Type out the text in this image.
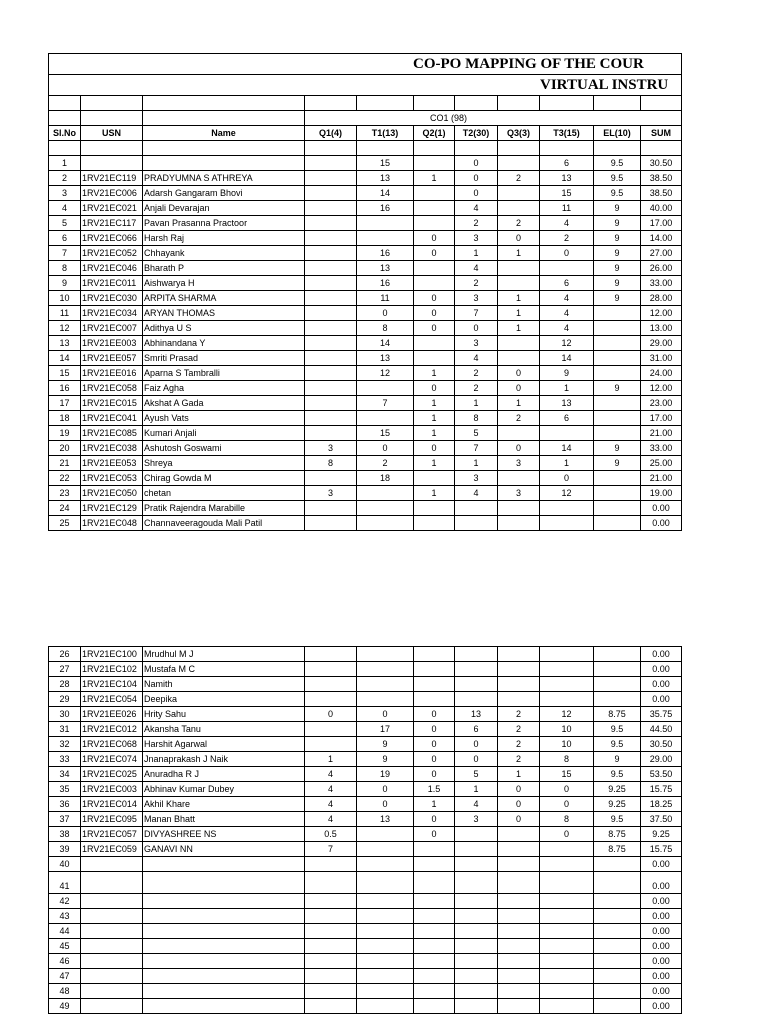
CO-PO MAPPING OF THE COUR										
VIRTUAL INSTRU										

			CO1 (98)							
Sl.No	USN	Name	Q1(4)	T1(13)	Q2(1)	T2(30)	Q3(3)	T3(15)	EL(10)	SUM

1				15		0		6	9.5	30.50
2	1RV21EC119	PRADYUMNA S ATHREYA		13	1	0	2	13	9.5	38.50
3	1RV21EC006	Adarsh Gangaram Bhovi		14		0		15	9.5	38.50
4	1RV21EC021	Anjali Devarajan		16		4		11	9	40.00
5	1RV21EC117	Pavan Prasanna Practoor				2	2	4	9	17.00
6	1RV21EC066	Harsh Raj			0	3	0	2	9	14.00
7	1RV21EC052	Chhayank		16	0	1	1	0	9	27.00
8	1RV21EC046	Bharath P		13		4			9	26.00
9	1RV21EC011	Aishwarya H		16		2		6	9	33.00
10	1RV21EC030	ARPITA SHARMA		11	0	3	1	4	9	28.00
11	1RV21EC034	ARYAN THOMAS		0	0	7	1	4		12.00
12	1RV21EC007	Adithya U S		8	0	0	1	4		13.00
13	1RV21EE003	Abhinandana Y		14		3		12		29.00
14	1RV21EE057	Smriti Prasad		13		4		14		31.00
15	1RV21EE016	Aparna S Tambralli		12	1	2	0	9		24.00
16	1RV21EC058	Faiz Agha			0	2	0	1	9	12.00
17	1RV21EC015	Akshat A Gada		7	1	1	1	13		23.00
18	1RV21EC041	Ayush Vats			1	8	2	6		17.00
19	1RV21EC085	Kumari Anjali		15	1	5				21.00
20	1RV21EC038	Ashutosh Goswami	3	0	0	7	0	14	9	33.00
21	1RV21EE053	Shreya	8	2	1	1	3	1	9	25.00
22	1RV21EC053	Chirag Gowda M		18		3		0		21.00
23	1RV21EC050	chetan	3		1	4	3	12		19.00
24	1RV21EC129	Pratik Rajendra Marabille								0.00
25	1RV21EC048	Channaveeragouda Mali Patil								0.00
26	1RV21EC100	Mrudhul M J								0.00
27	1RV21EC102	Mustafa M C								0.00
28	1RV21EC104	Namith								0.00
29	1RV21EC054	Deepika								0.00
30	1RV21EE026	Hrity Sahu	0	0	0	13	2	12	8.75	35.75
31	1RV21EC012	Akansha Tanu		17	0	6	2	10	9.5	44.50
32	1RV21EC068	Harshit Agarwal		9	0	0	2	10	9.5	30.50
33	1RV21EC074	Jnanaprakash J Naik	1	9	0	0	2	8	9	29.00
34	1RV21EC025	Anuradha R J	4	19	0	5	1	15	9.5	53.50
35	1RV21EC003	Abhinav Kumar Dubey	4	0	1.5	1	0	0	9.25	15.75
36	1RV21EC014	Akhil Khare	4	0	1	4	0	0	9.25	18.25
37	1RV21EC095	Manan Bhatt	4	13	0	3	0	8	9.5	37.50
38	1RV21EC057	DIVYASHREE NS	0.5		0			0	8.75	9.25
39	1RV21EC059	GANAVI NN	7						8.75	15.75
40										0.00
41										0.00
42										0.00
43										0.00
44										0.00
45										0.00
46										0.00
47										0.00
48										0.00
49										0.00
